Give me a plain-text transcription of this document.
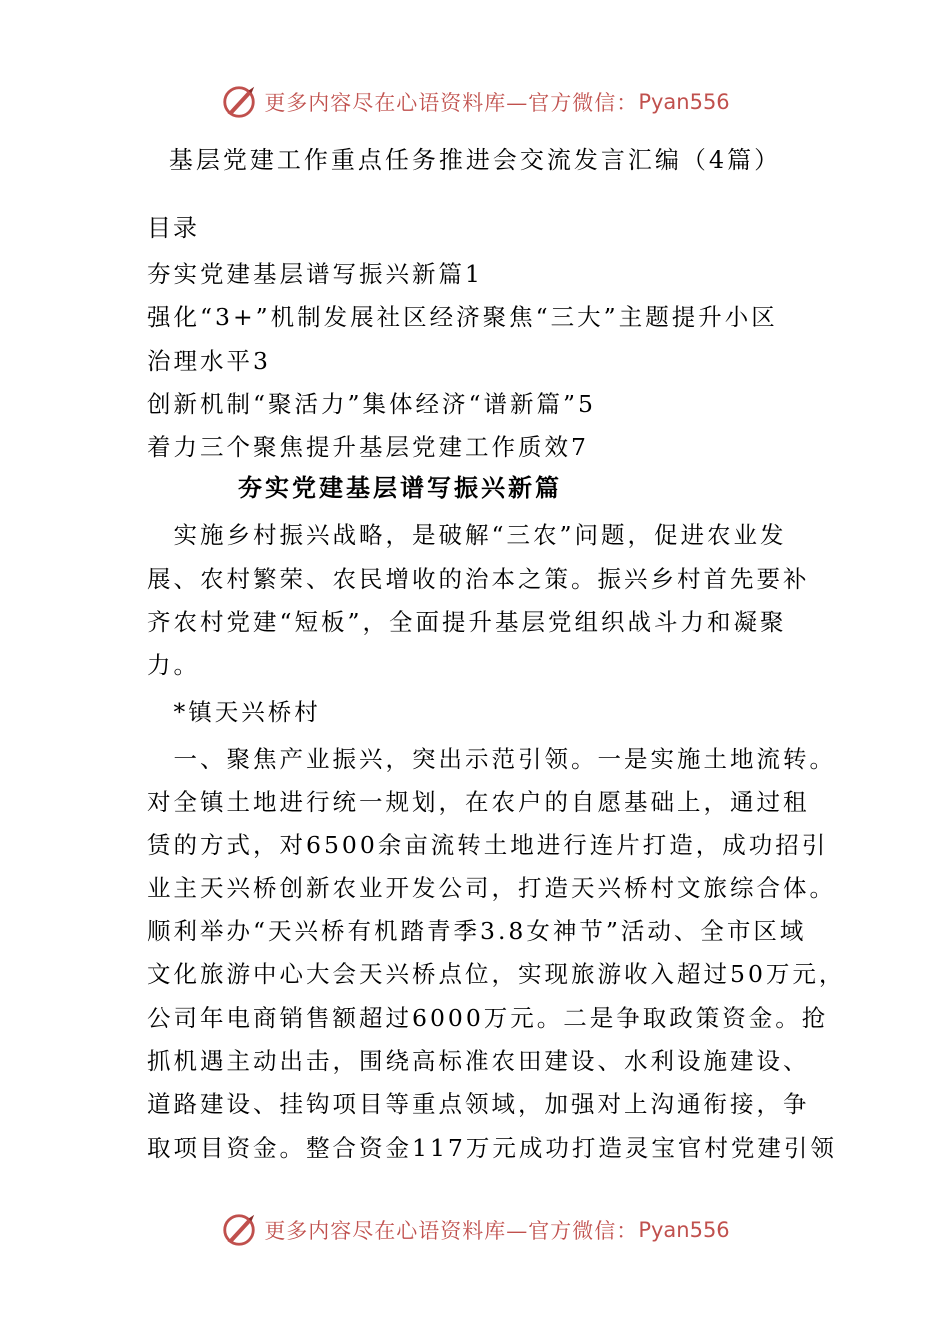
更多内容尽在心语资料库—官方微信： Pyan556
基层党建工作重点任务推进会交流发言汇编（4篇）
目录
夯实党建基层谱写振兴新篇1
强化“3+”机制发展社区经济聚焦“三大”主题提升小区
治理水平3
创新机制“聚活力”集体经济“谱新篇”5
着力三个聚焦提升基层党建工作质效7
夯实党建基层谱写振兴新篇
　实施乡村振兴战略，是破解“三农”问题，促进农业发
展、农村繁荣、农民增收的治本之策。振兴乡村首先要补
齐农村党建“短板”，全面提升基层党组织战斗力和凝聚
力。
　*镇天兴桥村
　一、聚焦产业振兴，突出示范引领。一是实施土地流转。
对全镇土地进行统一规划，在农户的自愿基础上，通过租
赁的方式，对6500余亩流转土地进行连片打造，成功招引
业主天兴桥创新农业开发公司，打造天兴桥村文旅综合体。
顺利举办“天兴桥有机踏青季3.8女神节”活动、全市区域
文化旅游中心大会天兴桥点位，实现旅游收入超过50万元，
公司年电商销售额超过6000万元。二是争取政策资金。抢
抓机遇主动出击，围绕高标准农田建设、水利设施建设、
道路建设、挂钩项目等重点领域，加强对上沟通衔接，争
取项目资金。整合资金117万元成功打造灵宝官村党建引领
更多内容尽在心语资料库—官方微信： Pyan556
